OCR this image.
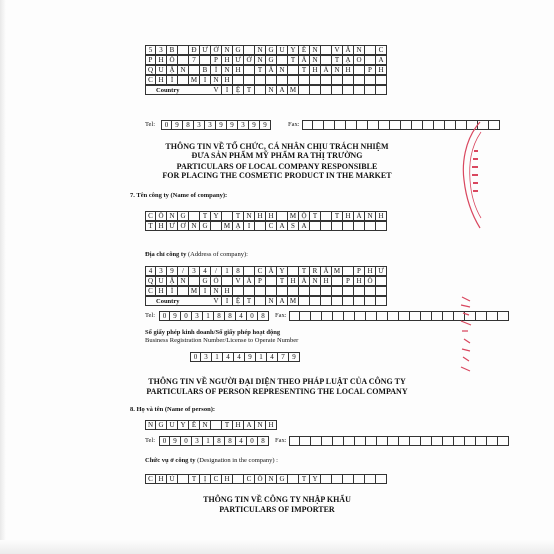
5	3 B	Đ Ư Ờ N G	N G U Y Ễ N	V Ă N	C
P H Ố	7	P H Ư Ờ N G	T Â N	T Ạ O	A
Q U Ậ N	B	Ì	N H	T Â N	T H À N H	P H
C H	Í	M I	N H
Country	V	I	Ệ T	N A M
Tel:	0	9	8	3	3	9	9	3	9	9	Fax:
THÔNG TIN VỀ TỔ CHỨC, CÁ NHÂN CHỊU TRÁCH NHIỆM
ĐƯA SẢN PHẨM MỸ PHẨM RA THỊ TRƯỜNG
PARTICULARS OF LOCAL COMPANY RESPONSIBLE
FOR PLACING THE COSMETIC PRODUCT IN THE MARKET
7. Tên công ty (Name of company):
C Ô N G	T Y	T N H H	M Ộ T	T H À N H
T H Ư Ơ N G	M Ạ	I	C A S A
Địa chỉ công ty (Address of company):
4	3	9	/	3	4	/	1	8	C Â Y	T R Â M	P H Ư
Q U Ậ N	G Ò	V Ấ P	T H À N H	P H Ố
C H	Í	M I	N H
Country	V	I	Ệ T	N A M
Tel:	0	9	0	3	1	8	8	4	0	8	Fax:
Số giấy phép kinh doanh/Số giấy phép hoạt động
Business Registration Number/License to Operate Number
0	3	1	4	4	9	1	4	7	9
THÔNG TIN VỀ NGƯỜI ĐẠI DIỆN THEO PHÁP LUẬT CỦA CÔNG TY
PARTICULARS OF PERSON REPRESENTING THE LOCAL COMPANY
8. Họ và tên (Name of person):
N G U Y Ễ N	T H A N H
Tel:	0	9	0	3	1	8	8	4	0	8	Fax:
Chức vụ ở công ty (Designation in the company) :
C H Ủ	T	Ị	C H	C Ô N G	T Y
THÔNG TIN VỀ CÔNG TY NHẬP KHẨU
PARTICULARS OF IMPORTER
